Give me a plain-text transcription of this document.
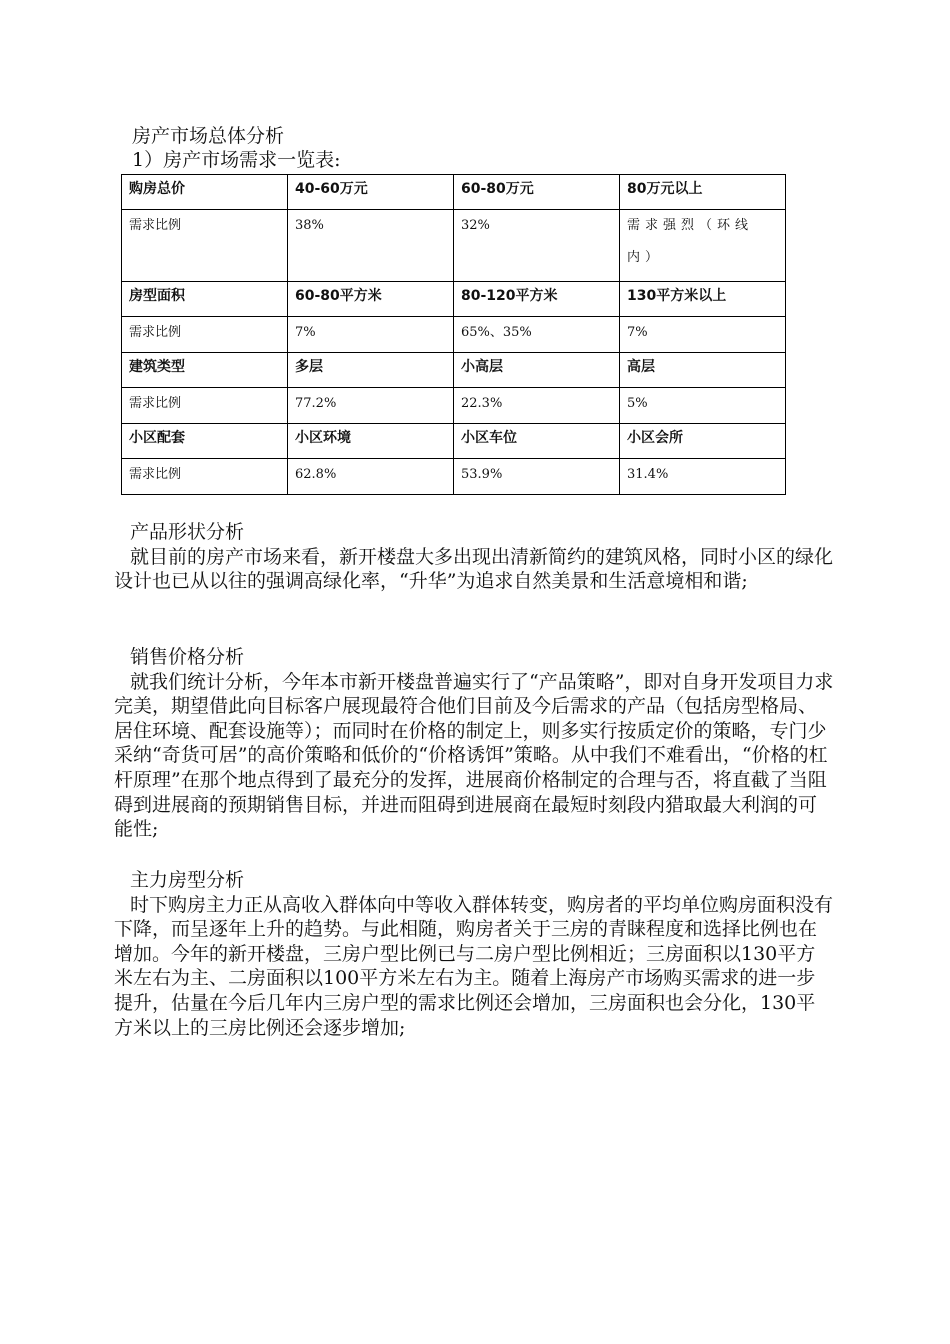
房产市场总体分析
1）房产市场需求一览表:
购房总价	40-60万元	60-80万元	80万元以上
需求比例	38%	32%	需求强烈（环线内）
房型面积	60-80平方米	80-120平方米	130平方米以上
需求比例	7%	65%、35%	7%
建筑类型	多层	小高层	高层
需求比例	77.2%	22.3%	5%
小区配套	小区环境	小区车位	小区会所
需求比例	62.8%	53.9%	31.4%
产品形状分析
就目前的房产市场来看，新开楼盘大多出现出清新简约的建筑风格，同时小区的绿化设计也已从以往的强调高绿化率，“升华”为追求自然美景和生活意境相和谐;
销售价格分析
就我们统计分析，今年本市新开楼盘普遍实行了“产品策略”，即对自身开发项目力求完美，期望借此向目标客户展现最符合他们目前及今后需求的产品（包括房型格局、居住环境、配套设施等）；而同时在价格的制定上，则多实行按质定价的策略，专门少采纳“奇货可居”的高价策略和低价的“价格诱饵”策略。从中我们不难看出，“价格的杠杆原理”在那个地点得到了最充分的发挥，进展商价格制定的合理与否，将直截了当阻碍到进展商的预期销售目标，并进而阻碍到进展商在最短时刻段内猎取最大利润的可能性;
主力房型分析
时下购房主力正从高收入群体向中等收入群体转变，购房者的平均单位购房面积没有下降，而呈逐年上升的趋势。与此相随，购房者关于三房的青睐程度和选择比例也在增加。今年的新开楼盘，三房户型比例已与二房户型比例相近；三房面积以130平方米左右为主、二房面积以100平方米左右为主。随着上海房产市场购买需求的进一步提升，估量在今后几年内三房户型的需求比例还会增加，三房面积也会分化，130平方米以上的三房比例还会逐步增加;
